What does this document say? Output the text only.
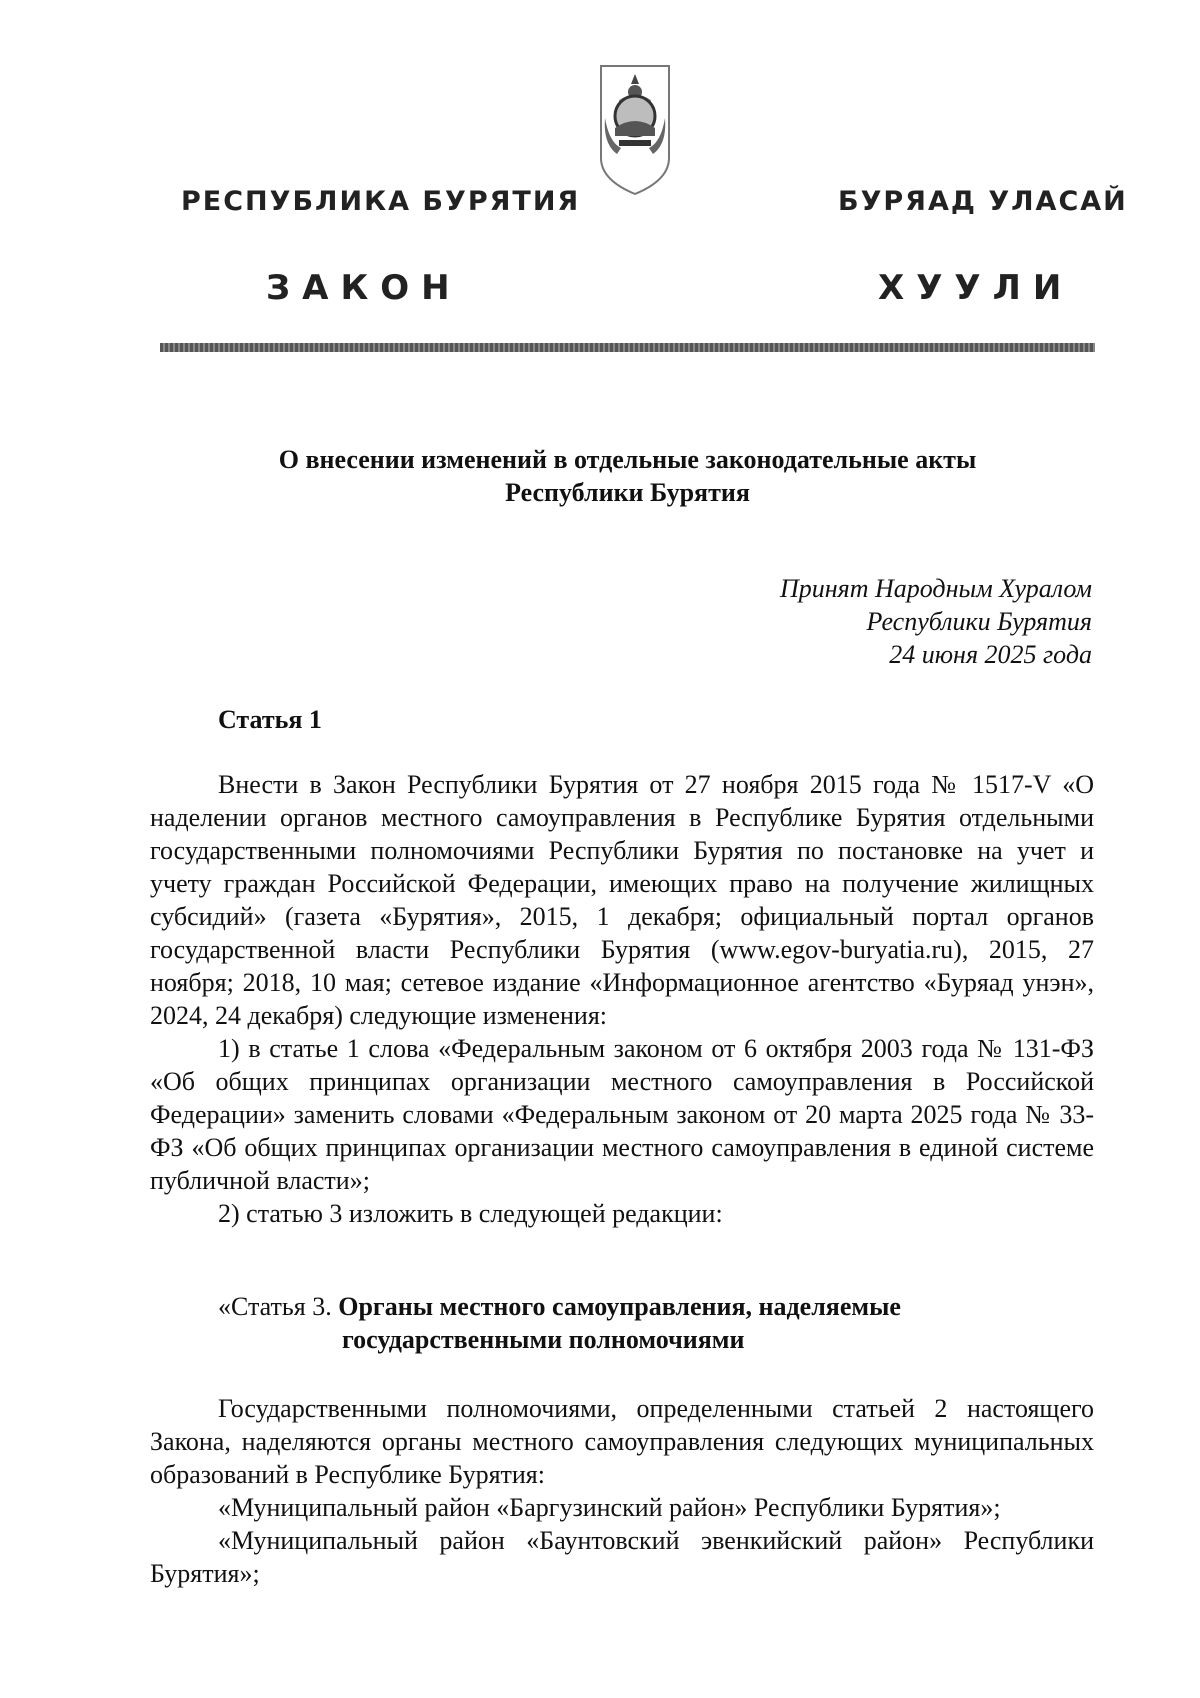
РЕСПУБЛИКА БУРЯТИЯ	БУРЯАД УЛАСАЙ
ЗАКОН	ХУУЛИ
О внесении изменений в отдельные законодательные акты
Республики Бурятия
Принят Народным Хуралом
Республики Бурятия
24 июня 2025 года
Статья 1

Внести в Закон Республики Бурятия от 27 ноября 2015 года № 1517-V «О наделении органов местного самоуправления в Республике Бурятия отдельными государственными полномочиями Республики Бурятия по постановке на учет и учету граждан Российской Федерации, имеющих право на получение жилищных субсидий» (газета «Бурятия», 2015, 1 декабря; официальный портал органов государственной власти Республики Бурятия (www.egov-buryatia.ru), 2015, 27 ноября; 2018, 10 мая; сетевое издание «Информационное агентство «Буряад унэн», 2024, 24 декабря) следующие изменения:

1) в статье 1 слова «Федеральным законом от 6 октября 2003 года № 131-ФЗ «Об общих принципах организации местного самоуправления в Российской Федерации» заменить словами «Федеральным законом от 20 марта 2025 года № 33-ФЗ «Об общих принципах организации местного самоуправления в единой системе публичной власти»;

2) статью 3 изложить в следующей редакции:

«Статья 3. Органы местного самоуправления, наделяемые
государственными полномочиями

Государственными полномочиями, определенными статьей 2 настоящего Закона, наделяются органы местного самоуправления следующих муниципальных образований в Республике Бурятия:

«Муниципальный район «Баргузинский район» Республики Бурятия»;

«Муниципальный район «Баунтовский эвенкийский район» Республики Бурятия»;
